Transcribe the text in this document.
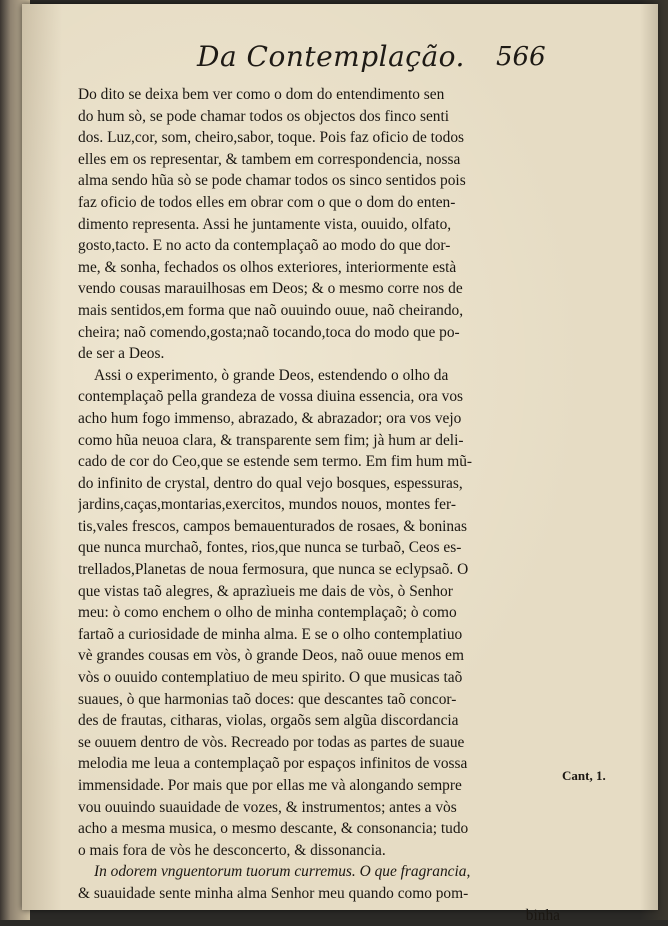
Da Contemplação. 566
Do dito se deixa bem ver como o dom do entendimento sen
do hum sò, se pode chamar todos os objectos dos finco senti
dos. Luz,cor, som, cheiro,sabor, toque. Pois faz oficio de todos
elles em os representar, & tambem em correspondencia, nossa
alma sendo hũa sò se pode chamar todos os sinco sentidos pois
faz oficio de todos elles em obrar com o que o dom do enten-
dimento representa. Assi he juntamente vista, ouuido, olfato,
gosto,tacto. E no acto da contemplaçaõ ao modo do que dor-
me, & sonha, fechados os olhos exteriores, interiormente està
vendo cousas marauilhosas em Deos; & o mesmo corre nos de
mais sentidos,em forma que naõ ouuindo ouue, naõ cheirando,
cheira; naõ comendo,gosta;naõ tocando,toca do modo que po-
de ser a Deos.
Assi o experimento, ò grande Deos, estendendo o olho da
contemplaçaõ pella grandeza de vossa diuina essencia, ora vos
acho hum fogo immenso, abrazado, & abrazador; ora vos vejo
como hũa neuoa clara, & transparente sem fim; jà hum ar deli-
cado de cor do Ceo,que se estende sem termo. Em fim hum mũ-
do infinito de crystal, dentro do qual vejo bosques, espessuras,
jardins,caças,montarias,exercitos, mundos nouos, montes fer-
tis,vales frescos, campos bemauenturados de rosaes, & boninas
que nunca murchaõ, fontes, rios,que nunca se turbaõ, Ceos es-
trellados,Planetas de noua fermosura, que nunca se eclypsaõ. O
que vistas taõ alegres, & aprazìueis me dais de vòs, ò Senhor
meu: ò como enchem o olho de minha contemplaçaõ; ò como
fartaõ a curiosidade de minha alma. E se o olho contemplatiuo
vè grandes cousas em vòs, ò grande Deos, naõ ouue menos em
vòs o ouuido contemplatiuo de meu spirito. O que musicas taõ
suaues, ò que harmonias taõ doces: que descantes taõ concor-
des de frautas, citharas, violas, orgaõs sem algũa discordancia
se ouuem dentro de vòs. Recreado por todas as partes de suaue
melodia me leua a contemplaçaõ por espaços infinitos de vossa
immensidade. Por mais que por ellas me và alongando sempre
vou ouuindo suauidade de vozes, & instrumentos; antes a vòs
acho a mesma musica, o mesmo descante, & consonancia; tudo
o mais fora de vòs he desconcerto, & dissonancia.
In odorem vnguentorum tuorum curremus. O que fragrancia,
& suauidade sente minha alma Senhor meu quando como pom-
binha
Cant, 1.
